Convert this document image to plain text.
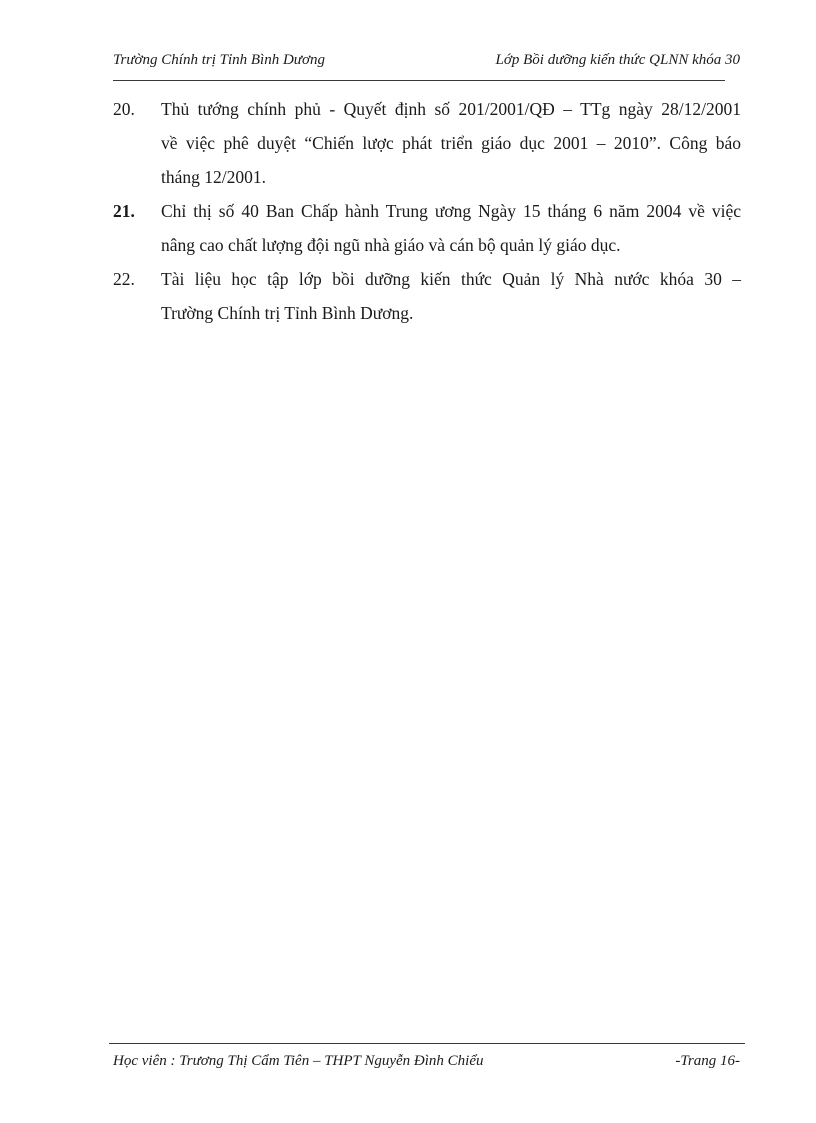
Trường Chính trị Tỉnh Bình Dương	Lớp Bồi dưỡng kiến thức QLNN khóa 30
20.	Thủ tướng chính phủ - Quyết định số 201/2001/QĐ – TTg ngày 28/12/2001
về việc phê duyệt “Chiến lược phát triển giáo dục 2001 – 2010”. Công báo
tháng 12/2001.
21.	Chỉ thị số 40 Ban Chấp hành Trung ương Ngày 15 tháng 6 năm 2004 về việc
nâng cao chất lượng đội ngũ nhà giáo và cán bộ quản lý giáo dục.
22.	Tài liệu học tập lớp bồi dưỡng kiến thức Quản lý Nhà nước khóa 30 –
Trường Chính trị Tỉnh Bình Dương.
Học viên : Trương Thị Cẩm Tiên – THPT Nguyễn Đình Chiểu	-Trang 16-
